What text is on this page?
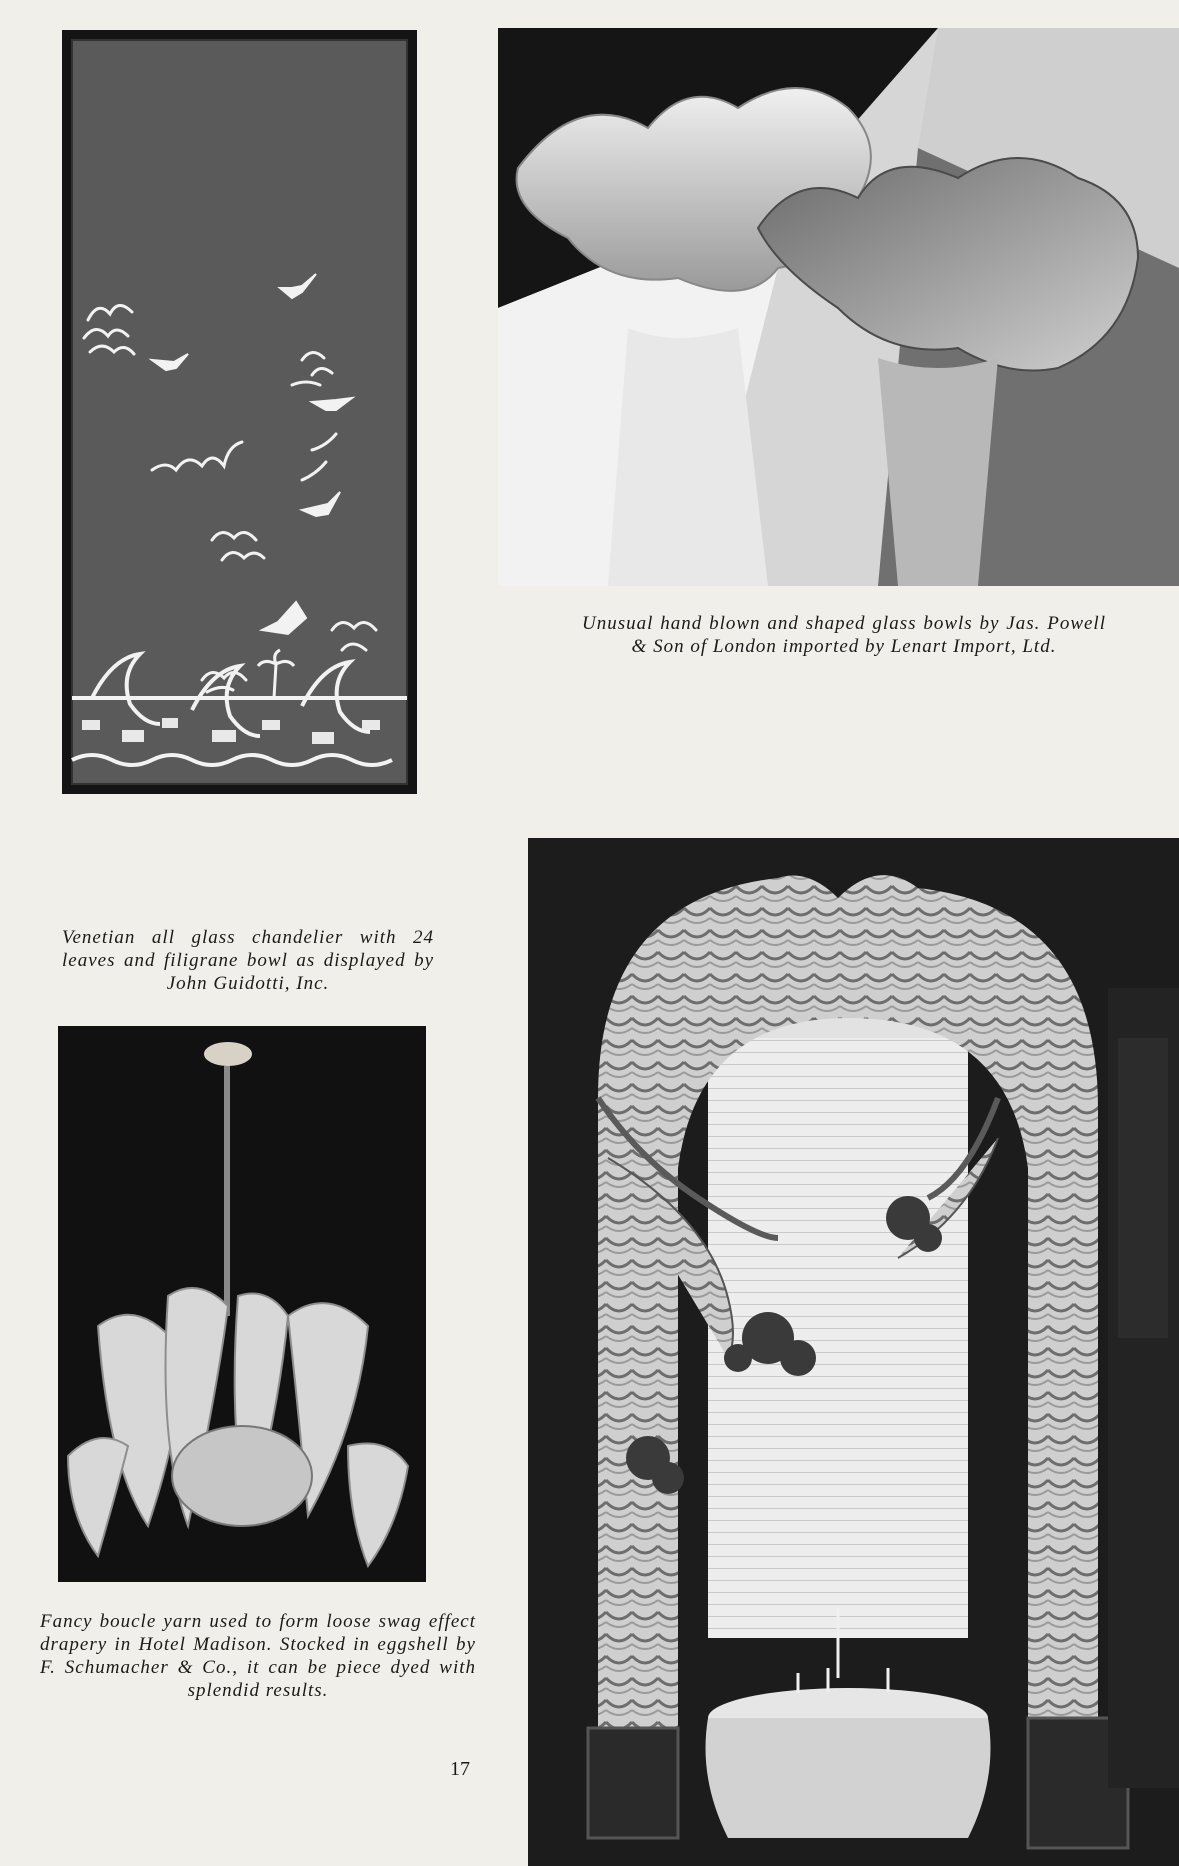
Unusual hand blown and shaped glass bowls by Jas. Powell & Son of London imported by Lenart Import, Ltd.
Venetian all glass chandelier with 24 leaves and filigrane bowl as displayed by John Guidotti, Inc.
Fancy boucle yarn used to form loose swag effect drapery in Hotel Madison. Stocked in eggshell by F. Schumacher & Co., it can be piece dyed with splendid results.
17
